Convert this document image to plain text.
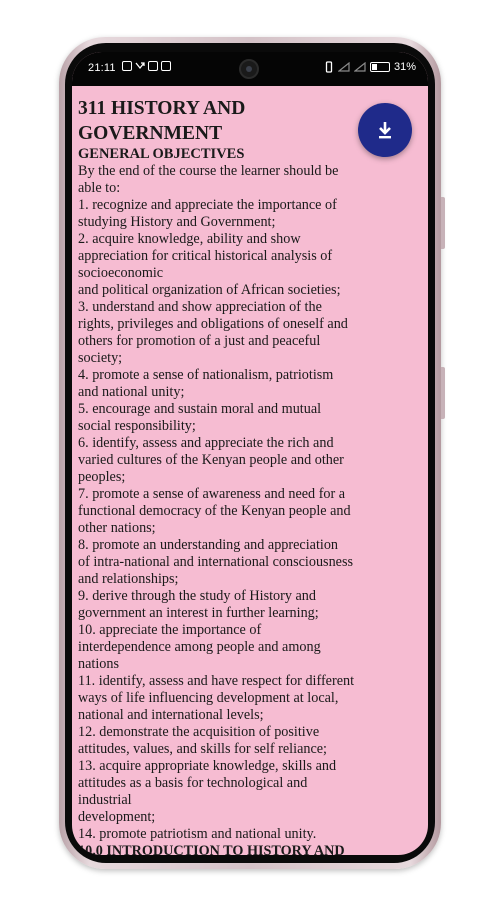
21:11	31%

311 HISTORY AND
GOVERNMENT

GENERAL OBJECTIVES

By the end of the course the learner should be

able to:

1. recognize and appreciate the importance of

studying History and Government;

2. acquire knowledge, ability and show

appreciation for critical historical analysis of

socioeconomic

and political organization of African societies;

3. understand and show appreciation of the

rights, privileges and obligations of oneself and

others for promotion of a just and peaceful

society;

4. promote a sense of nationalism, patriotism

and national unity;

5. encourage and sustain moral and mutual

social responsibility;

6. identify, assess and appreciate the rich and

varied cultures of the Kenyan people and other

peoples;

7. promote a sense of awareness and need for a

functional democracy of the Kenyan people and

other nations;

8. promote an understanding and appreciation

of intra-national and international consciousness

and relationships;

9. derive through the study of History and

government an interest in further learning;

10. appreciate the importance of

interdependence among people and among

nations

11. identify, assess and have respect for different

ways of life influencing development at local,

national and international levels;

12. demonstrate the acquisition of positive

attitudes, values, and skills for self reliance;

13. acquire appropriate knowledge, skills and

attitudes as a basis for technological and

industrial

development;

14. promote patriotism and national unity.

10.0 INTRODUCTION TO HISTORY AND
